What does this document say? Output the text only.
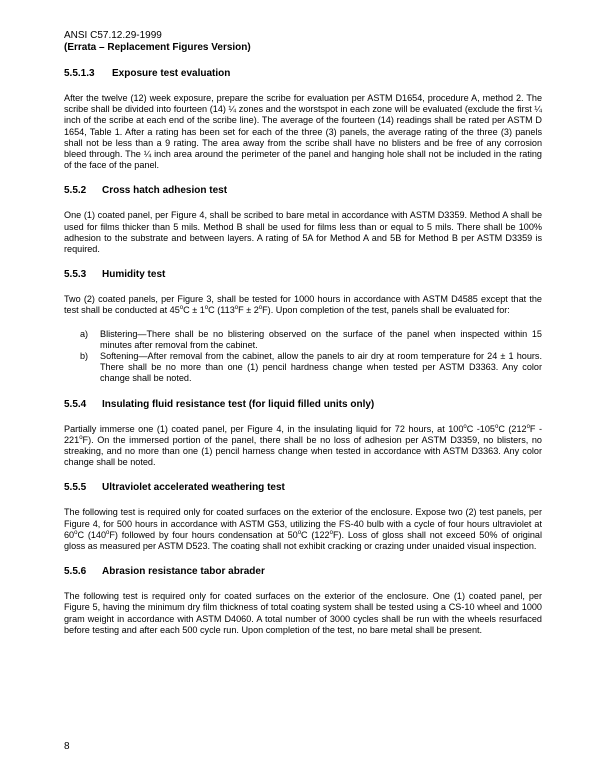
ANSI C57.12.29-1999
(Errata – Replacement Figures Version)
5.5.1.3	Exposure test evaluation

After the twelve (12) week exposure, prepare the scribe for evaluation per ASTM D1654, procedure A, method 2. The scribe shall be divided into fourteen (14) ¼ zones and the worstspot in each zone will be evaluated (exclude the first ¼ inch of the scribe at each end of the scribe line). The average of the fourteen (14) readings shall be rated per ASTM D 1654, Table 1. After a rating has been set for each of the three (3) panels, the average rating of the three (3) panels shall not be less than a 9 rating. The area away from the scribe shall have no blisters and be free of any corrosion bleed through. The ¼ inch area around the perimeter of the panel and hanging hole shall not be included in the rating of the face of the panel.

5.5.2	Cross hatch adhesion test

One (1) coated panel, per Figure 4, shall be scribed to bare metal in accordance with ASTM D3359. Method A shall be used for films thicker than 5 mils. Method B shall be used for films less than or equal to 5 mils. There shall be 100% adhesion to the substrate and between layers. A rating of 5A for Method A and 5B for Method B per ASTM D3359 is required.

5.5.3	Humidity test

Two (2) coated panels, per Figure 3, shall be tested for 1000 hours in accordance with ASTM D4585 except that the test shall be conducted at $45^oC \pm 1^oC$ $(113^oF \pm 2^oF)$. Upon completion of the test, panels shall be evaluated for:

a)	Blistering—There shall be no blistering observed on the surface of the panel when inspected within 15 minutes after removal from the cabinet.
b)	Softening—After removal from the cabinet, allow the panels to air dry at room temperature for 24 ± 1 hours. There shall be no more than one (1) pencil hardness change when tested per ASTM D3363. Any color change shall be noted.
5.5.4	Insulating fluid resistance test (for liquid filled units only)

Partially immerse one (1) coated panel, per Figure 4, in the insulating liquid for 72 hours, at 100$^o$C -105$^o$C (212$^o$F - 221$^o$F). On the immersed portion of the panel, there shall be no loss of adhesion per ASTM D3359, no blisters, no streaking, and no more than one (1) pencil harness change when tested in accordance with ASTM D3363. Any color change shall be noted.

5.5.5	Ultraviolet accelerated weathering test

The following test is required only for coated surfaces on the exterior of the enclosure. Expose two (2) test panels, per Figure 4, for 500 hours in accordance with ASTM G53, utilizing the FS-40 bulb with a cycle of four hours ultraviolet at 60$^o$C (140$^o$F) followed by four hours condensation at 50$^o$C (122$^o$F). Loss of gloss shall not exceed 50% of original gloss as measured per ASTM D523. The coating shall not exhibit cracking or crazing under unaided visual inspection.

5.5.6	Abrasion resistance tabor abrader

The following test is required only for coated surfaces on the exterior of the enclosure. One (1) coated panel, per Figure 5, having the minimum dry film thickness of total coating system shall be tested using a CS-10 wheel and 1000 gram weight in accordance with ASTM D4060. A total number of 3000 cycles shall be run with the wheels resurfaced before testing and after each 500 cycle run. Upon completion of the test, no bare metal shall be present.

8
